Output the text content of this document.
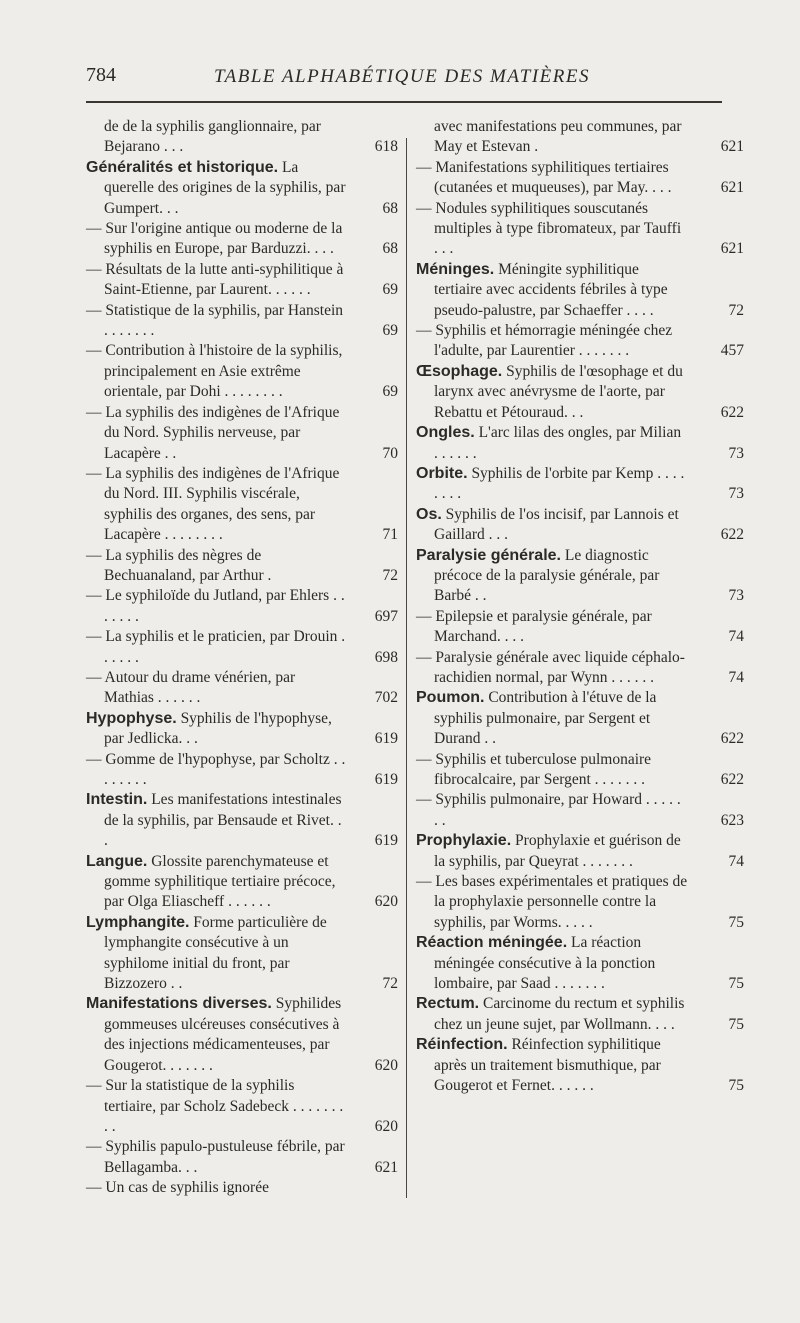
784	TABLE ALPHABÉTIQUE DES MATIÈRES

de de la syphilis ganglionnaire, par Bejarano . . .	618

Généralités et historique. La querelle des origines de la syphilis, par Gumpert. . .	68

— Sur l'origine antique ou moderne de la syphilis en Europe, par Barduzzi. . . .	68

— Résultats de la lutte anti-syphilitique à Saint-Etienne, par Laurent. . . . . .	69

— Statistique de la syphilis, par Hanstein . . . . . . .	69

— Contribution à l'histoire de la syphilis, principalement en Asie extrême orientale, par Dohi . . . . . . . .	69

— La syphilis des indigènes de l'Afrique du Nord. Syphilis nerveuse, par Lacapère . .	70

— La syphilis des indigènes de l'Afrique du Nord. III. Syphilis viscérale, syphilis des organes, des sens, par Lacapère . . . . . . . .	71

— La syphilis des nègres de Bechuanaland, par Arthur .	72

— Le syphiloïde du Jutland, par Ehlers . . . . . . .	697

— La syphilis et le praticien, par Drouin . . . . . .	698

— Autour du drame vénérien, par Mathias . . . . . .	702

Hypophyse. Syphilis de l'hypophyse, par Jedlicka. . .	619

— Gomme de l'hypophyse, par Scholtz . . . . . . . .	619

Intestin. Les manifestations intestinales de la syphilis, par Bensaude et Rivet. . .	619

Langue. Glossite parenchymateuse et gomme syphilitique tertiaire précoce, par Olga Eliascheff . . . . . .	620

Lymphangite. Forme particulière de lymphangite consécutive à un syphilome initial du front, par Bizzozero . .	72

Manifestations diverses. Syphilides gommeuses ulcéreuses consécutives à des injections médicamenteuses, par Gougerot. . . . . . .	620

— Sur la statistique de la syphilis tertiaire, par Scholz Sadebeck . . . . . . . . .	620

— Syphilis papulo-pustuleuse fébrile, par Bellagamba. . .	621

— Un cas de syphilis ignorée

avec manifestations peu communes, par May et Estevan .	621

— Manifestations syphilitiques tertiaires (cutanées et muqueuses), par May. . . .	621

— Nodules syphilitiques souscutanés multiples à type fibromateux, par Tauffi . . .	621

Méninges. Méningite syphilitique tertiaire avec accidents fébriles à type pseudo-palustre, par Schaeffer . . . .	72

— Syphilis et hémorragie méningée chez l'adulte, par Laurentier . . . . . . .	457

Œsophage. Syphilis de l'œsophage et du larynx avec anévrysme de l'aorte, par Rebattu et Pétouraud. . .	622

Ongles. L'arc lilas des ongles, par Milian . . . . . .	73

Orbite. Syphilis de l'orbite par Kemp . . . . . . . .	73

Os. Syphilis de l'os incisif, par Lannois et Gaillard . . .	622

Paralysie générale. Le diagnostic précoce de la paralysie générale, par Barbé . .	73

— Epilepsie et paralysie générale, par Marchand. . . .	74

— Paralysie générale avec liquide céphalo-rachidien normal, par Wynn . . . . . .	74

Poumon. Contribution à l'étuve de la syphilis pulmonaire, par Sergent et Durand . .	622

— Syphilis et tuberculose pulmonaire fibrocalcaire, par Sergent . . . . . . .	622

— Syphilis pulmonaire, par Howard . . . . . . .	623

Prophylaxie. Prophylaxie et guérison de la syphilis, par Queyrat . . . . . . .	74

— Les bases expérimentales et pratiques de la prophylaxie personnelle contre la syphilis, par Worms. . . . .	75

Réaction méningée. La réaction méningée consécutive à la ponction lombaire, par Saad . . . . . . .	75

Rectum. Carcinome du rectum et syphilis chez un jeune sujet, par Wollmann. . . .	75

Réinfection. Réinfection syphilitique après un traitement bismuthique, par Gougerot et Fernet. . . . . .	75
